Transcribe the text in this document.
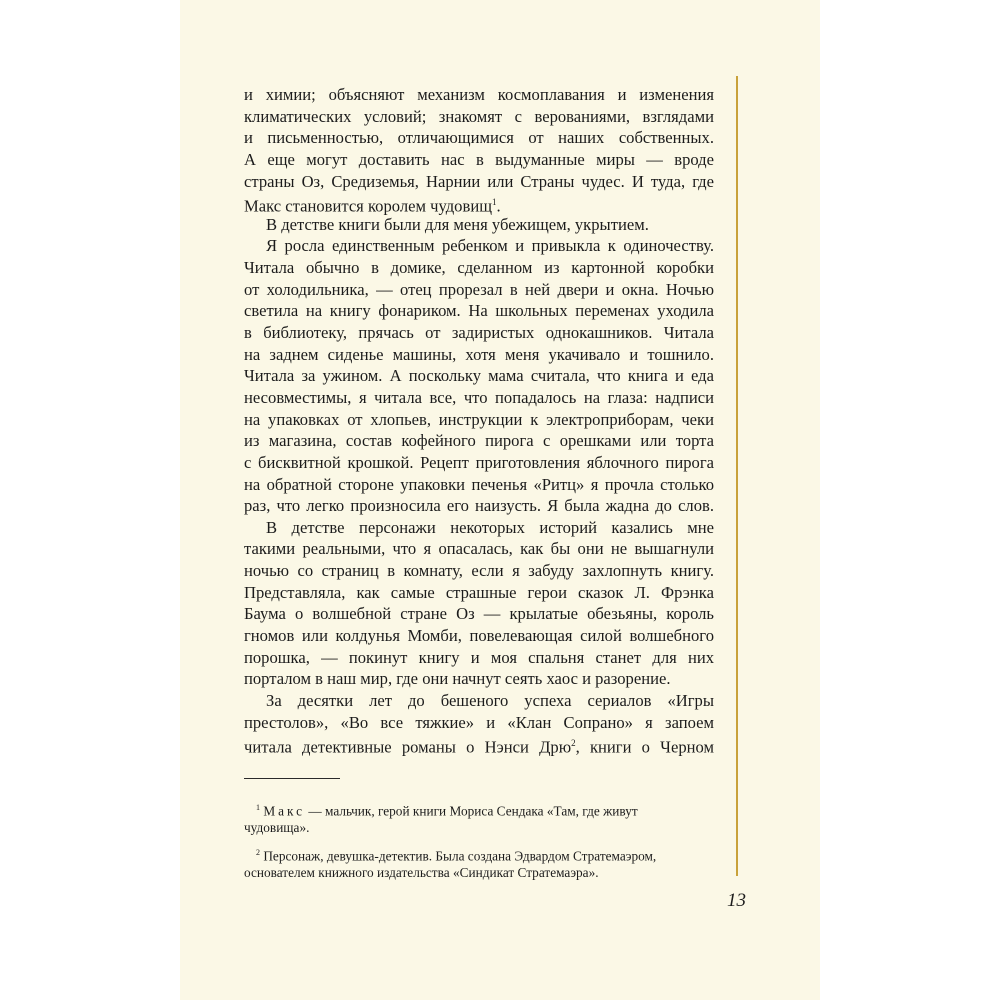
и химии; объясняют механизм космоплавания и изменения
климатических условий; знакомят с верованиями, взглядами
и письменностью, отличающимися от наших собственных.
А еще могут доставить нас в выдуманные миры — вроде
страны Оз, Средиземья, Нарнии или Страны чудес. И туда, где
Макс становится королем чудовищ$^1$.
В детстве книги были для меня убежищем, укрытием.
Я росла единственным ребенком и привыкла к одиночеству.
Читала обычно в домике, сделанном из картонной коробки
от холодильника, — отец прорезал в ней двери и окна. Ночью
светила на книгу фонариком. На школьных переменах уходила
в библиотеку, прячась от задиристых однокашников. Читала
на заднем сиденье машины, хотя меня укачивало и тошнило.
Читала за ужином. А поскольку мама считала, что книга и еда
несовместимы, я читала все, что попадалось на глаза: надписи
на упаковках от хлопьев, инструкции к электроприборам, чеки
из магазина, состав кофейного пирога с орешками или торта
с бисквитной крошкой. Рецепт приготовления яблочного пирога
на обратной стороне упаковки печенья «Ритц» я прочла столько
раз, что легко произносила его наизусть. Я была жадна до слов.
В детстве персонажи некоторых историй казались мне
такими реальными, что я опасалась, как бы они не вышагнули
ночью со страниц в комнату, если я забуду захлопнуть книгу.
Представляла, как самые страшные герои сказок Л. Фрэнка
Баума о волшебной стране Оз — крылатые обезьяны, король
гномов или колдунья Момби, повелевающая силой волшебного
порошка, — покинут книгу и моя спальня станет для них
порталом в наш мир, где они начнут сеять хаос и разорение.
За десятки лет до бешеного успеха сериалов «Игры
престолов», «Во все тяжкие» и «Клан Сопрано» я запоем
читала детективные романы о Нэнси Дрю$^2$, книги о Черном
$^1$ Макс — мальчик, герой книги Мориса Сендака «Там, где живут
чудовища».
$^2$ Персонаж, девушка-детектив. Была создана Эдвардом Стратемаэром,
основателем книжного издательства «Синдикат Стратемаэра».
13
